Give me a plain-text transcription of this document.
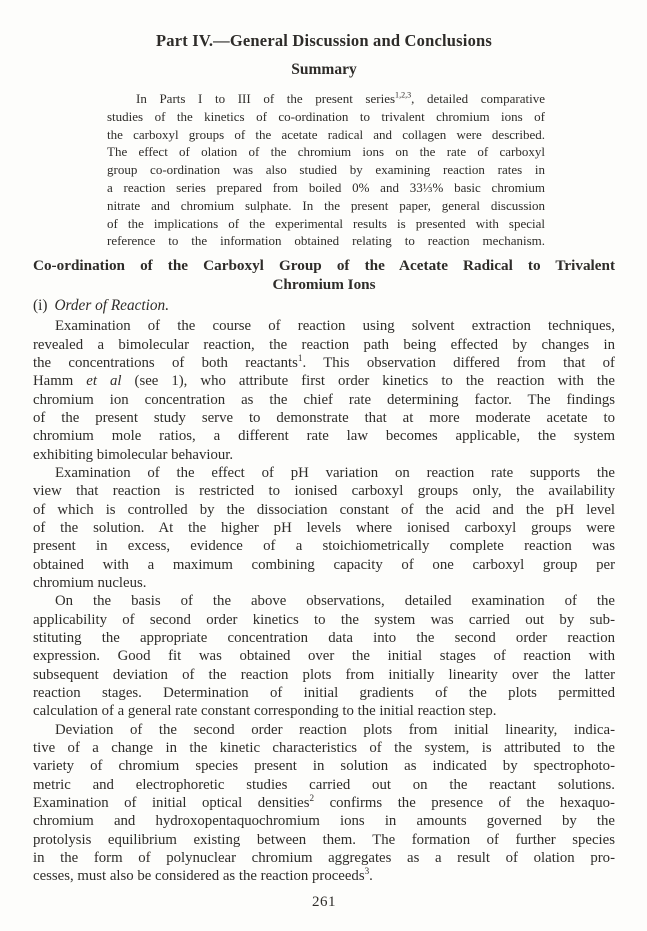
Part IV.—General Discussion and Conclusions
Summary
In Parts I to III of the present series$^{1,2,3}$, detailed comparative
studies of the kinetics of co-ordination to trivalent chromium ions of
the carboxyl groups of the acetate radical and collagen were described.
The effect of olation of the chromium ions on the rate of carboxyl
group co-ordination was also studied by examining reaction rates in
a reaction series prepared from boiled 0% and 33⅓% basic chromium
nitrate and chromium sulphate. In the present paper, general discussion
of the implications of the experimental results is presented with special
reference to the information obtained relating to reaction mechanism.
Co-ordination of the Carboxyl Group of the Acetate Radical to Trivalent
Chromium Ions
(i) Order of Reaction.
Examination of the course of reaction using solvent extraction techniques,
revealed a bimolecular reaction, the reaction path being effected by changes in
the concentrations of both reactants$^1$. This observation differed from that of
Hamm et al (see 1), who attribute first order kinetics to the reaction with the
chromium ion concentration as the chief rate determining factor. The findings
of the present study serve to demonstrate that at more moderate acetate to
chromium mole ratios, a different rate law becomes applicable, the system
exhibiting bimolecular behaviour.
Examination of the effect of pH variation on reaction rate supports the
view that reaction is restricted to ionised carboxyl groups only, the availability
of which is controlled by the dissociation constant of the acid and the pH level
of the solution. At the higher pH levels where ionised carboxyl groups were
present in excess, evidence of a stoichiometrically complete reaction was
obtained with a maximum combining capacity of one carboxyl group per
chromium nucleus.
On the basis of the above observations, detailed examination of the
applicability of second order kinetics to the system was carried out by sub-
stituting the appropriate concentration data into the second order reaction
expression. Good fit was obtained over the initial stages of reaction with
subsequent deviation of the reaction plots from initially linearity over the latter
reaction stages. Determination of initial gradients of the plots permitted
calculation of a general rate constant corresponding to the initial reaction step.
Deviation of the second order reaction plots from initial linearity, indica-
tive of a change in the kinetic characteristics of the system, is attributed to the
variety of chromium species present in solution as indicated by spectrophoto-
metric and electrophoretic studies carried out on the reactant solutions.
Examination of initial optical densities$^2$ confirms the presence of the hexaquo-
chromium and hydroxopentaquochromium ions in amounts governed by the
protolysis equilibrium existing between them. The formation of further species
in the form of polynuclear chromium aggregates as a result of olation pro-
cesses, must also be considered as the reaction proceeds$^3$.
261
